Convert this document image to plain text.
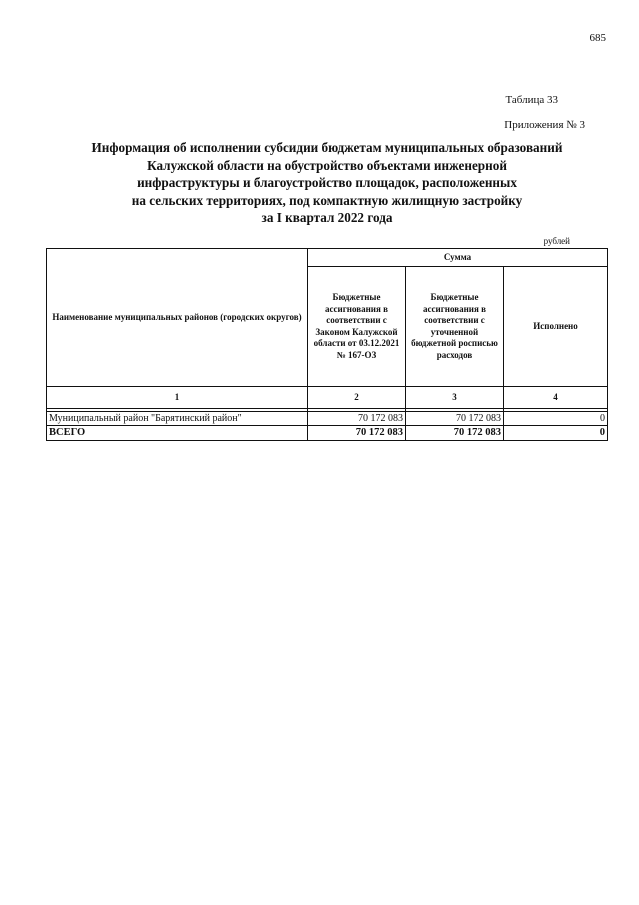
685
Таблица 33
Приложения № 3
Информация об исполнении субсидии бюджетам муниципальных образований
Калужской области на обустройство объектами инженерной
инфраструктуры и благоустройство площадок, расположенных
на сельских территориях, под компактную жилищную застройку
за I квартал 2022 года
рублей
Наименование муниципальных районов (городских округов)	Сумма		
	Бюджетные ассигнования в соответствии с Законом Калужской области от 03.12.2021 № 167-ОЗ	Бюджетные ассигнования в соответствии с уточненной бюджетной росписью расходов	Исполнено
1	2	3	4

Муниципальный район "Барятинский район"	70 172 083	70 172 083	0
ВСЕГО	70 172 083	70 172 083	0
